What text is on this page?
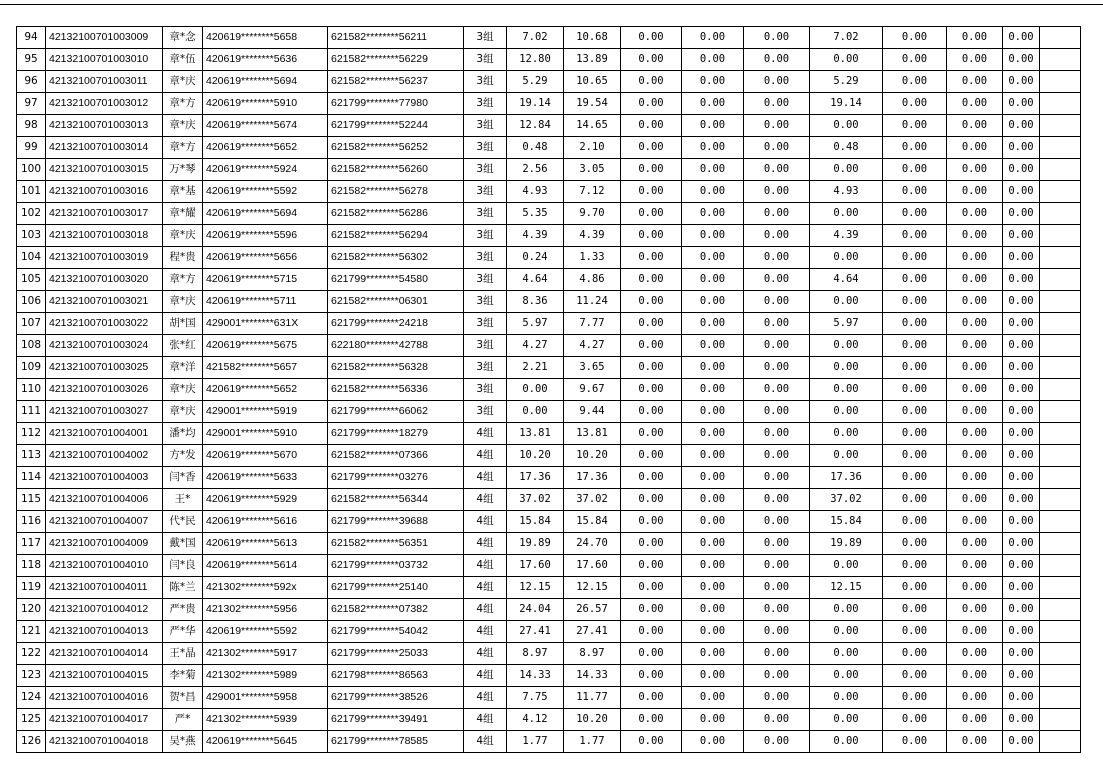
94	42132100701003009	章*念	420619********5658	621582********56211	3组	7.02	10.68	0.00	0.00	0.00	7.02	0.00	0.00	0.00	
95	42132100701003010	章*伍	420619********5636	621582********56229	3组	12.80	13.89	0.00	0.00	0.00	0.00	0.00	0.00	0.00	
96	42132100701003011	章*庆	420619********5694	621582********56237	3组	5.29	10.65	0.00	0.00	0.00	5.29	0.00	0.00	0.00	
97	42132100701003012	章*方	420619********5910	621799********77980	3组	19.14	19.54	0.00	0.00	0.00	19.14	0.00	0.00	0.00	
98	42132100701003013	章*庆	420619********5674	621799********52244	3组	12.84	14.65	0.00	0.00	0.00	0.00	0.00	0.00	0.00	
99	42132100701003014	章*方	420619********5652	621582********56252	3组	0.48	2.10	0.00	0.00	0.00	0.48	0.00	0.00	0.00	
100	42132100701003015	万*琴	420619********5924	621582********56260	3组	2.56	3.05	0.00	0.00	0.00	0.00	0.00	0.00	0.00	
101	42132100701003016	章*基	420619********5592	621582********56278	3组	4.93	7.12	0.00	0.00	0.00	4.93	0.00	0.00	0.00	
102	42132100701003017	章*耀	420619********5694	621582********56286	3组	5.35	9.70	0.00	0.00	0.00	0.00	0.00	0.00	0.00	
103	42132100701003018	章*庆	420619********5596	621582********56294	3组	4.39	4.39	0.00	0.00	0.00	4.39	0.00	0.00	0.00	
104	42132100701003019	程*贵	420619********5656	621582********56302	3组	0.24	1.33	0.00	0.00	0.00	0.00	0.00	0.00	0.00	
105	42132100701003020	章*方	420619********5715	621799********54580	3组	4.64	4.86	0.00	0.00	0.00	4.64	0.00	0.00	0.00	
106	42132100701003021	章*庆	420619********5711	621582********06301	3组	8.36	11.24	0.00	0.00	0.00	0.00	0.00	0.00	0.00	
107	42132100701003022	胡*国	429001********631X	621799********24218	3组	5.97	7.77	0.00	0.00	0.00	5.97	0.00	0.00	0.00	
108	42132100701003024	张*红	420619********5675	622180********42788	3组	4.27	4.27	0.00	0.00	0.00	0.00	0.00	0.00	0.00	
109	42132100701003025	章*洋	421582********5657	621582********56328	3组	2.21	3.65	0.00	0.00	0.00	0.00	0.00	0.00	0.00	
110	42132100701003026	章*庆	420619********5652	621582********56336	3组	0.00	9.67	0.00	0.00	0.00	0.00	0.00	0.00	0.00	
111	42132100701003027	章*庆	429001********5919	621799********66062	3组	0.00	9.44	0.00	0.00	0.00	0.00	0.00	0.00	0.00	
112	42132100701004001	潘*均	429001********5910	621799********18279	4组	13.81	13.81	0.00	0.00	0.00	0.00	0.00	0.00	0.00	
113	42132100701004002	方*发	420619********5670	621582********07366	4组	10.20	10.20	0.00	0.00	0.00	0.00	0.00	0.00	0.00	
114	42132100701004003	闫*香	420619********5633	621799********03276	4组	17.36	17.36	0.00	0.00	0.00	17.36	0.00	0.00	0.00	
115	42132100701004006	王*	420619********5929	621582********56344	4组	37.02	37.02	0.00	0.00	0.00	37.02	0.00	0.00	0.00	
116	42132100701004007	代*民	420619********5616	621799********39688	4组	15.84	15.84	0.00	0.00	0.00	15.84	0.00	0.00	0.00	
117	42132100701004009	戴*国	420619********5613	621582********56351	4组	19.89	24.70	0.00	0.00	0.00	19.89	0.00	0.00	0.00	
118	42132100701004010	闫*良	420619********5614	621799********03732	4组	17.60	17.60	0.00	0.00	0.00	0.00	0.00	0.00	0.00	
119	42132100701004011	陈*兰	421302********592x	621799********25140	4组	12.15	12.15	0.00	0.00	0.00	12.15	0.00	0.00	0.00	
120	42132100701004012	严*贵	421302********5956	621582********07382	4组	24.04	26.57	0.00	0.00	0.00	0.00	0.00	0.00	0.00	
121	42132100701004013	严*华	420619********5592	621799********54042	4组	27.41	27.41	0.00	0.00	0.00	0.00	0.00	0.00	0.00	
122	42132100701004014	王*晶	421302********5917	621799********25033	4组	8.97	8.97	0.00	0.00	0.00	0.00	0.00	0.00	0.00	
123	42132100701004015	李*菊	421302********5989	621798********86563	4组	14.33	14.33	0.00	0.00	0.00	0.00	0.00	0.00	0.00	
124	42132100701004016	贺*昌	429001********5958	621799********38526	4组	7.75	11.77	0.00	0.00	0.00	0.00	0.00	0.00	0.00	
125	42132100701004017	严*	421302********5939	621799********39491	4组	4.12	10.20	0.00	0.00	0.00	0.00	0.00	0.00	0.00	
126	42132100701004018	吴*燕	420619********5645	621799********78585	4组	1.77	1.77	0.00	0.00	0.00	0.00	0.00	0.00	0.00	
